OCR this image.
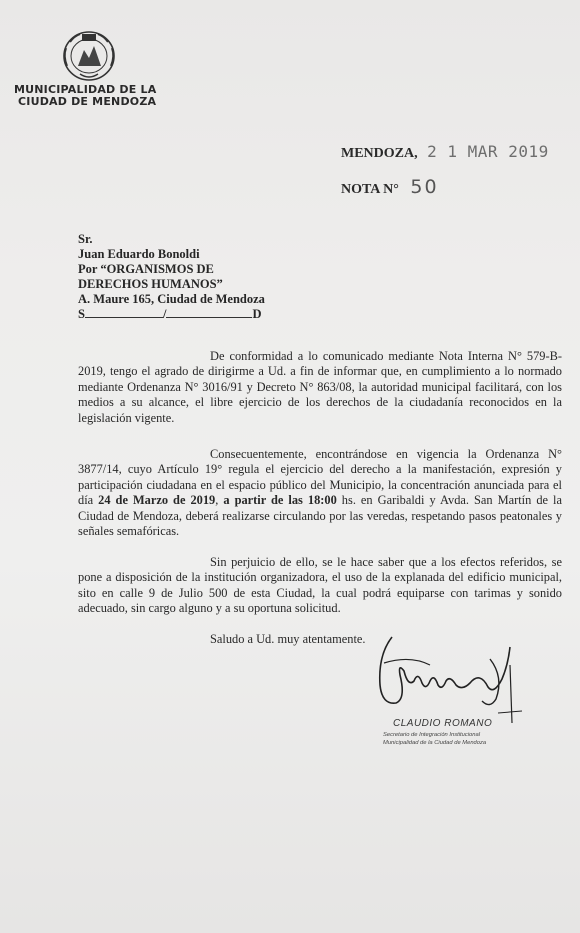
MUNICIPALIDAD DE LA
CIUDAD DE MENDOZA
MENDOZA, 2 1 MAR 2019
NOTA N° 50
Sr.
Juan Eduardo Bonoldi
Por “ORGANISMOS DE
DERECHOS HUMANOS”
A. Maure 165, Ciudad de Mendoza
S	/	D
De conformidad a lo comunicado mediante Nota Interna N° 579-B-2019, tengo el agrado de dirigirme a Ud. a fin de informar que, en cumplimiento a lo normado mediante Ordenanza N° 3016/91 y Decreto N° 863/08, la autoridad municipal facilitará, con los medios a su alcance, el libre ejercicio de los derechos de la ciudadanía reconocidos en la legislación vigente.
Consecuentemente, encontrándose en vigencia la Ordenanza N° 3877/14, cuyo Artículo 19° regula el ejercicio del derecho a la manifestación, expresión y participación ciudadana en el espacio público del Municipio, la concentración anunciada para el día 24 de Marzo de 2019, a partir de las 18:00 hs. en Garibaldi y Avda. San Martín de la Ciudad de Mendoza, deberá realizarse circulando por las veredas, respetando pasos peatonales y señales semafóricas.
Sin perjuicio de ello, se le hace saber que a los efectos referidos, se pone a disposición de la institución organizadora, el uso de la explanada del edificio municipal, sito en calle 9 de Julio 500 de esta Ciudad, la cual podrá equiparse con tarimas y sonido adecuado, sin cargo alguno y a su oportuna solicitud.
Saludo a Ud. muy atentamente.
CLAUDIO ROMANO
Secretario de Integración Institucional
Municipalidad de la Ciudad de Mendoza
